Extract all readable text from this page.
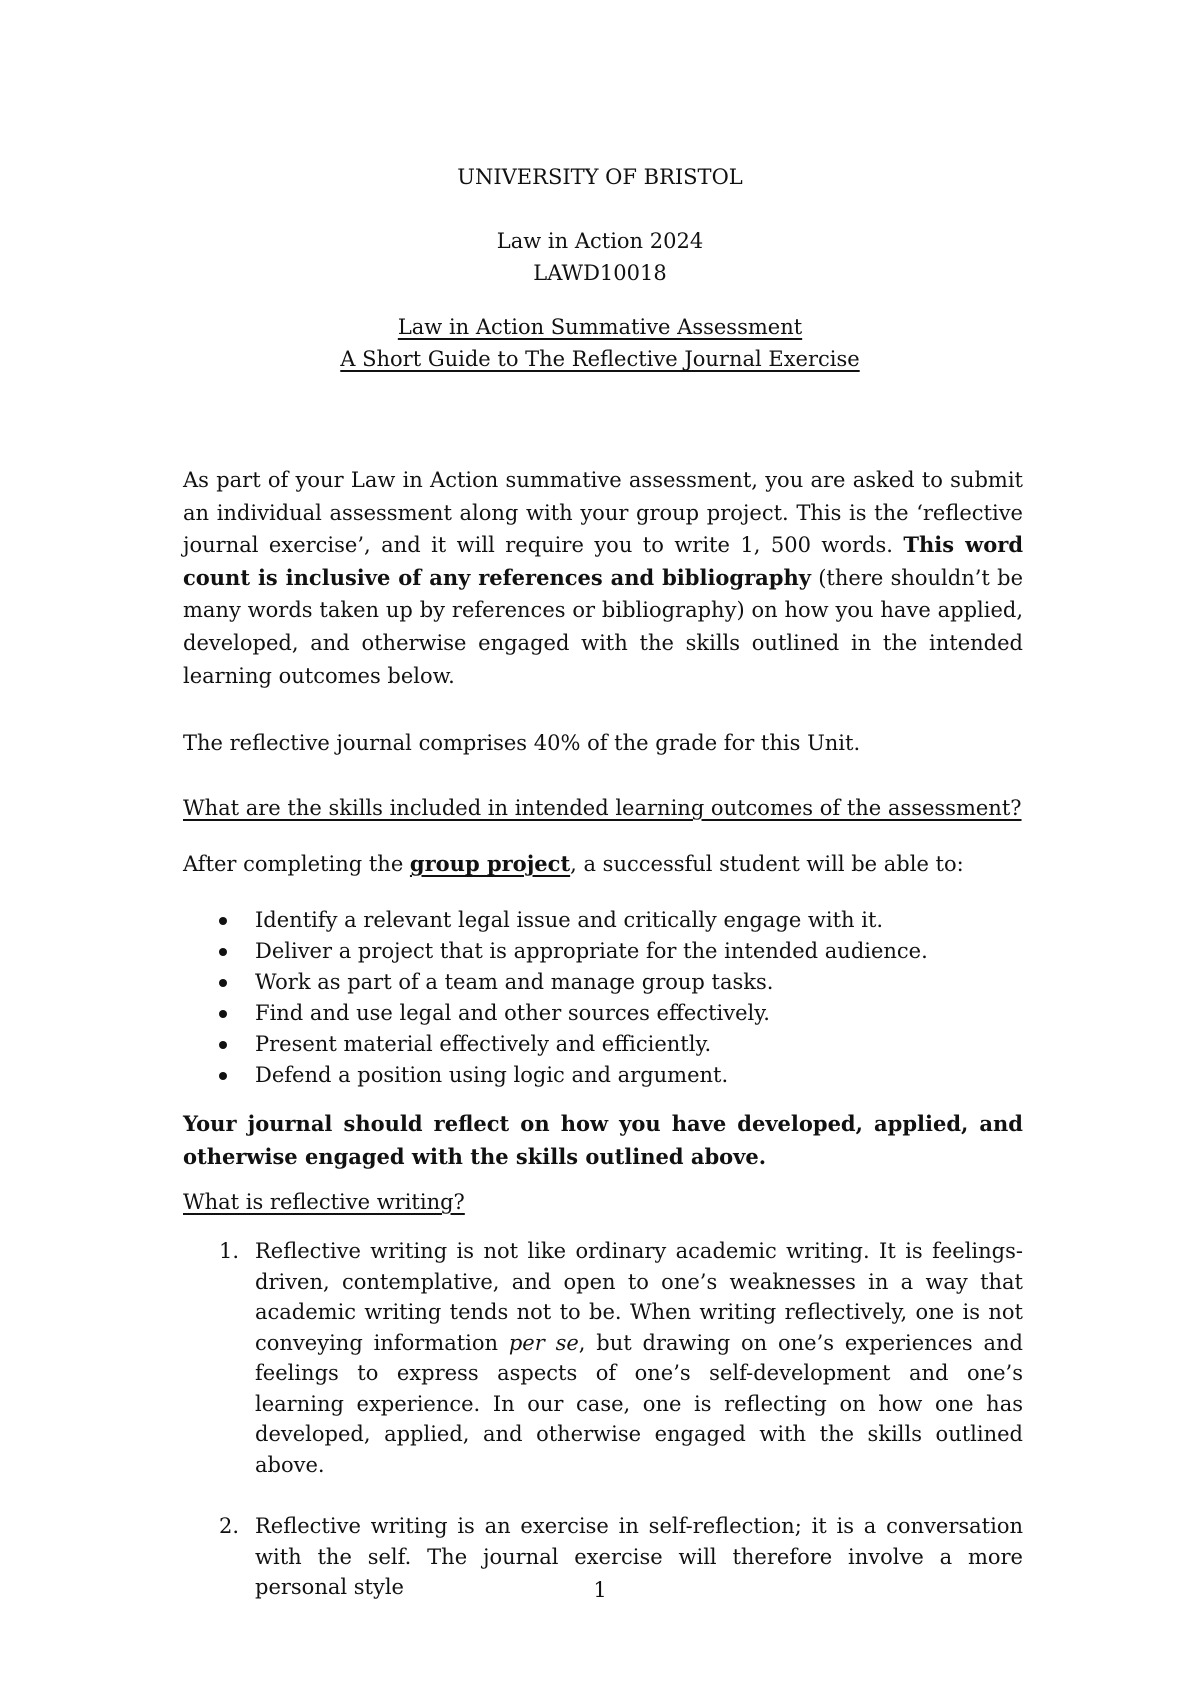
UNIVERSITY OF BRISTOL

Law in Action 2024

LAWD10018

Law in Action Summative Assessment

A Short Guide to The Reflective Journal Exercise

As part of your Law in Action summative assessment, you are asked to submit an individual assessment along with your group project. This is the ‘reflective journal exercise’, and it will require you to write 1, 500 words. This word count is inclusive of any references and bibliography (there shouldn’t be many words taken up by references or bibliography) on how you have applied, developed, and otherwise engaged with the skills outlined in the intended learning outcomes below.

The reflective journal comprises 40% of the grade for this Unit.

What are the skills included in intended learning outcomes of the assessment?

After completing the group project, a successful student will be able to:

Identify a relevant legal issue and critically engage with it.
Deliver a project that is appropriate for the intended audience.
Work as part of a team and manage group tasks.
Find and use legal and other sources effectively.
Present material effectively and efficiently.
Defend a position using logic and argument.

Your journal should reflect on how you have developed, applied, and otherwise engaged with the skills outlined above.

What is reflective writing?

1. Reflective writing is not like ordinary academic writing. It is feelings-driven, contemplative, and open to one’s weaknesses in a way that academic writing tends not to be. When writing reflectively, one is not conveying information per se, but drawing on one’s experiences and feelings to express aspects of one’s self-development and one’s learning experience. In our case, one is reflecting on how one has developed, applied, and otherwise engaged with the skills outlined above.
2. Reflective writing is an exercise in self-reflection; it is a conversation with the self. The journal exercise will therefore involve a more personal style	1
